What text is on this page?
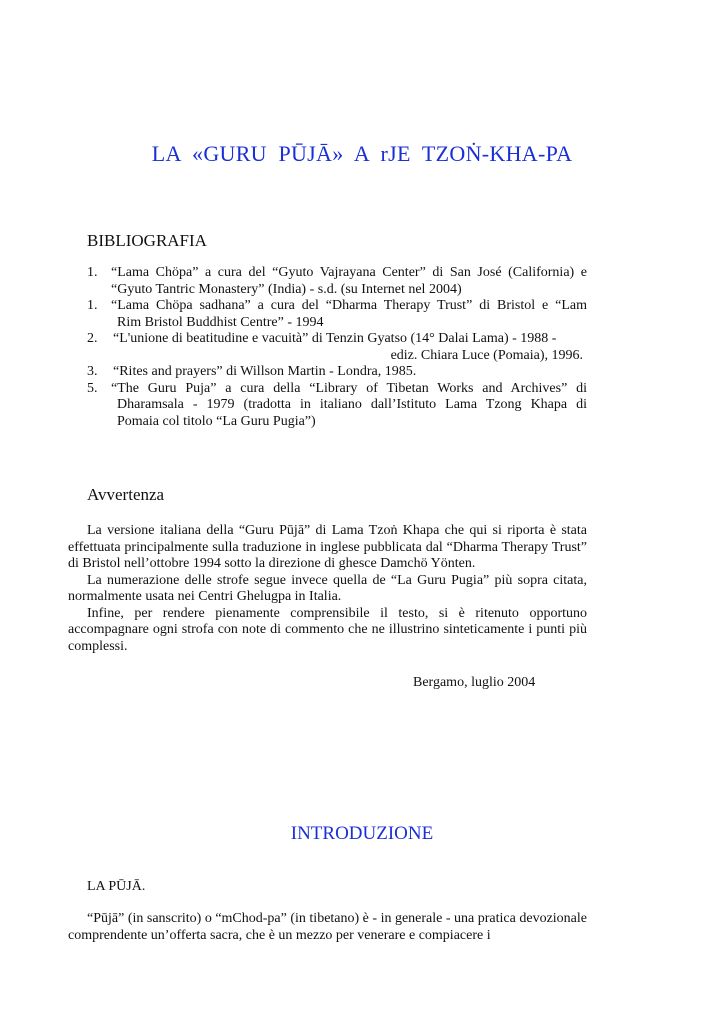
LA  «GURU  PŪJĀ»  A  rJE  TZOṄ-KHA-PA
BIBLIOGRAFIA
1. “Lama Chöpa” a cura del “Gyuto Vajrayana Center” di San José (California) e
“Gyuto Tantric Monastery” (India) - s.d. (su Internet nel 2004)
1. “Lama Chöpa sadhana” a cura del “Dharma Therapy Trust” di Bristol e “Lam
Rim Bristol Buddhist Centre” - 1994
2.	“L'unione di beatitudine e vacuità” di Tenzin Gyatso (14° Dalai Lama) - 1988 -
ediz. Chiara Luce (Pomaia), 1996.
3.	“Rites and prayers” di Willson Martin - Londra, 1985.
5. “The Guru Puja” a cura della “Library of Tibetan Works and Archives” di
Dharamsala - 1979 (tradotta in italiano dall’Istituto Lama Tzong Khapa di
Pomaia col titolo “La Guru Pugia”)
Avvertenza

La versione italiana della “Guru Pūjā” di Lama Tzoṅ Khapa che qui si riporta è stata effettuata principalmente sulla traduzione in inglese pubblicata dal “Dharma Therapy Trust” di Bristol nell’ottobre 1994 sotto la direzione di ghesce Damchö Yönten.

La numerazione delle strofe segue invece quella de “La Guru Pugia” più sopra citata, normalmente usata nei Centri Ghelugpa in Italia.

Infine, per rendere pienamente comprensibile il testo, si è ritenuto opportuno accompagnare ogni strofa con note di commento che ne illustrino sinteticamente i punti più complessi.

Bergamo, luglio 2004
INTRODUZIONE
LA PŪJĀ.
“Pūjā” (in sanscrito) o “mChod-pa” (in tibetano) è - in generale - una pratica devozionale comprendente un’offerta sacra, che è un mezzo per venerare e compiacere i
